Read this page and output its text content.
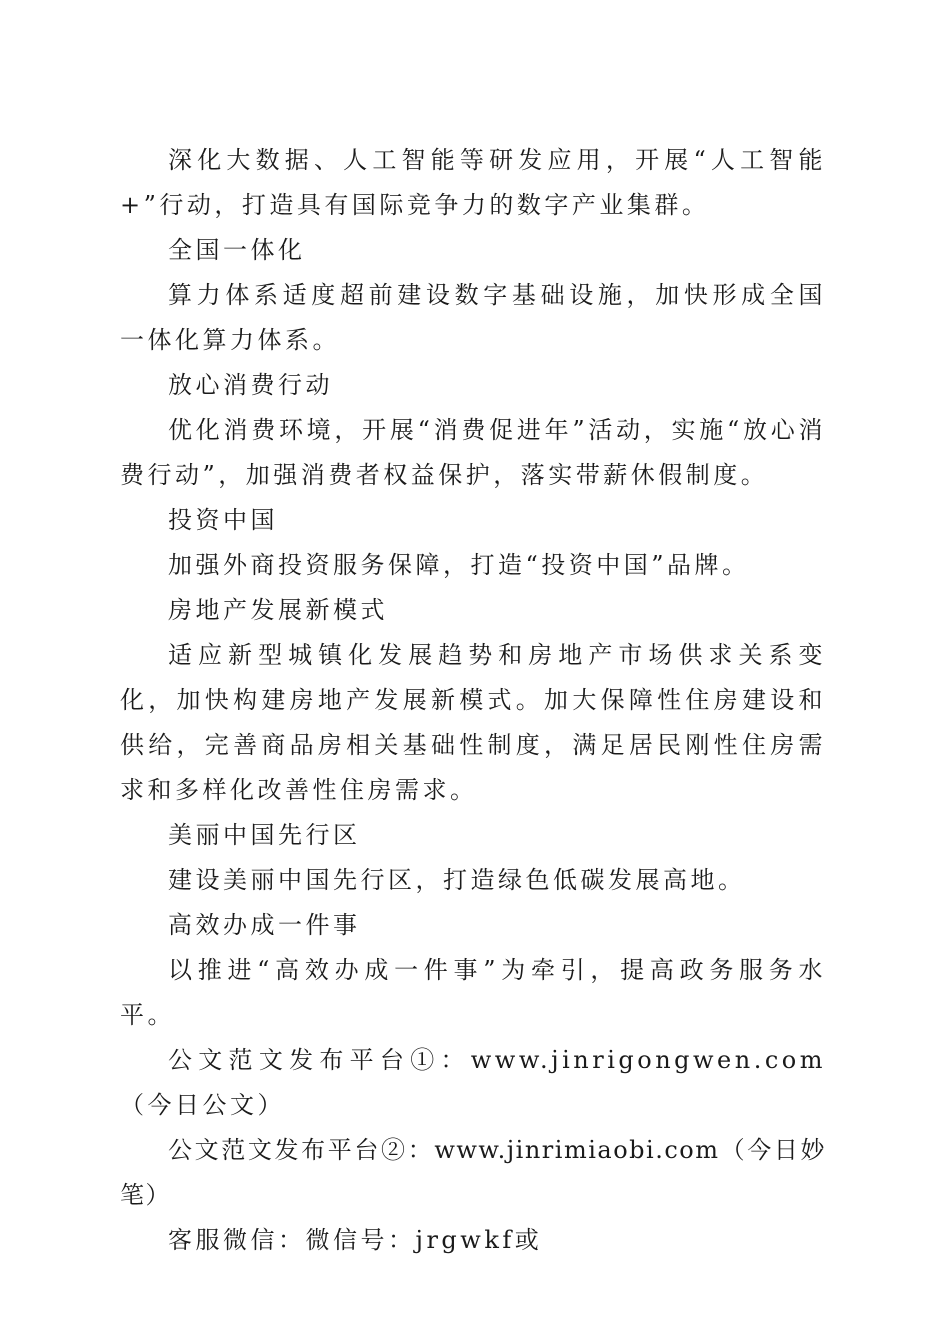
深化大数据、人工智能等研发应用，开展“人工智能+”行动，打造具有国际竞争力的数字产业集群。

全国一体化

算力体系适度超前建设数字基础设施，加快形成全国一体化算力体系。

放心消费行动

优化消费环境，开展“消费促进年”活动，实施“放心消费行动”，加强消费者权益保护，落实带薪休假制度。

投资中国

加强外商投资服务保障，打造“投资中国”品牌。

房地产发展新模式

适应新型城镇化发展趋势和房地产市场供求关系变化，加快构建房地产发展新模式。加大保障性住房建设和供给，完善商品房相关基础性制度，满足居民刚性住房需求和多样化改善性住房需求。

美丽中国先行区

建设美丽中国先行区，打造绿色低碳发展高地。

高效办成一件事

以推进“高效办成一件事”为牵引，提高政务服务水平。

公文范文发布平台①：www.jinrigongwen.com（今日公文）

公文范文发布平台②：www.jinrimiaobi.com（今日妙笔）

客服微信：微信号：jrgwkf或
